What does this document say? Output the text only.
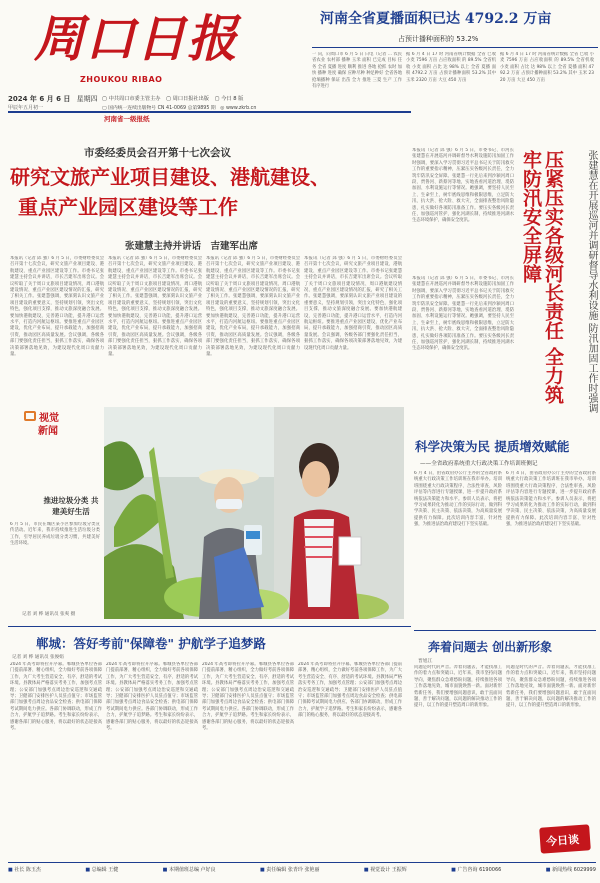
周口日报
ZHOUKOU RIBAO
2024 年 6 月 6 日 星期四
甲辰年五月初一
▢ 中共周口市委主管主办 ▢ 周口日报社出版 ▢ 今日 8 版
▢ 国内统一连续出版物号 CN 41-0069 总第9895 期 ◎ www.zkrb.cn
河南省一级报纸
河南全省夏播面积已达 4792.2 万亩
占预计播种面积的 53.2%
一 向，向周口市 6 月 5 日 日电（记者 ... 农民 省农业 农村部 播种 玉米 面积 已完成 目标 任务 全省 夏播 进度 顺利 推进 各地 抢抓 农时 加快 播种 进度 确保 应种尽种 种足种好 全省各地 抢墒播种 保证 出苗 全力 推进 三夏 生产 工作 有序进行
据 6 月 4 日 17 时 河南省统计数据 全省 已收 小麦 7596 万亩 占应收面积 的 89.5% 全省机收 小麦 面积 占比 达 98% 以上 全省 夏播 面积 4792.2 万亩 占预计播种面积 53.2% 其中 玉米 2320 万亩 大豆 450 万亩
据 6 月 4 日 17 时 河南省统计数据 全省 已收 小麦 7596 万亩 占应收面积 的 89.5% 全省机收 小麦 面积 占比 达 98% 以上 全省 夏播 面积 4792.2 万亩 占预计播种面积 53.2% 其中 玉米 2320 万亩 大豆 450 万亩
市委经委员会召开第十七次会议
研究文旅产业项目建设、港航建设、
重点产业园区建设等工作
张建慧主持并讲话　吉建军出席
本报讯（记者 邱 强）6 月 5 日，市委财经委员会召开第十七次会议，研究文旅产业项目建设、港航建设、重点产业园区建设等工作。市委书记张建慧主持会议并讲话，市长吉建军出席会议。会议听取了关于周口文旅项目建设情况、周口港航建设情况、重点产业园区建设情况的汇报，研究了相关工作。张建慧强调，要深刻认识文旅产业项目建设的重要意义，坚持规划引领，突出文化特色，强化项目支撑，推动文旅深度融合发展。要加快港航建设，完善港口功能，提升港口运营水平，打造内河航运枢纽。要推进重点产业园区建设，优化产业布局，提升承载能力，加强招商引资，推动园区高质量发展。会议强调，各级各部门要强化责任担当，狠抓工作落实，确保各项决策部署落地见效，为建设现代化周口贡献力量。
本报讯（记者 邱 强）6 月 5 日，市委财经委员会召开第十七次会议，研究文旅产业项目建设、港航建设、重点产业园区建设等工作。市委书记张建慧主持会议并讲话，市长吉建军出席会议。会议听取了关于周口文旅项目建设情况、周口港航建设情况、重点产业园区建设情况的汇报，研究了相关工作。张建慧强调，要深刻认识文旅产业项目建设的重要意义，坚持规划引领，突出文化特色，强化项目支撑，推动文旅深度融合发展。要加快港航建设，完善港口功能，提升港口运营水平，打造内河航运枢纽。要推进重点产业园区建设，优化产业布局，提升承载能力，加强招商引资，推动园区高质量发展。会议强调，各级各部门要强化责任担当，狠抓工作落实，确保各项决策部署落地见效，为建设现代化周口贡献力量。
本报讯（记者 邱 强）6 月 5 日，市委财经委员会召开第十七次会议，研究文旅产业项目建设、港航建设、重点产业园区建设等工作。市委书记张建慧主持会议并讲话，市长吉建军出席会议。会议听取了关于周口文旅项目建设情况、周口港航建设情况、重点产业园区建设情况的汇报，研究了相关工作。张建慧强调，要深刻认识文旅产业项目建设的重要意义，坚持规划引领，突出文化特色，强化项目支撑，推动文旅深度融合发展。要加快港航建设，完善港口功能，提升港口运营水平，打造内河航运枢纽。要推进重点产业园区建设，优化产业布局，提升承载能力，加强招商引资，推动园区高质量发展。会议强调，各级各部门要强化责任担当，狠抓工作落实，确保各项决策部署落地见效，为建设现代化周口贡献力量。
本报讯（记者 邱 强）6 月 5 日，市委财经委员会召开第十七次会议，研究文旅产业项目建设、港航建设、重点产业园区建设等工作。市委书记张建慧主持会议并讲话，市长吉建军出席会议。会议听取了关于周口文旅项目建设情况、周口港航建设情况、重点产业园区建设情况的汇报，研究了相关工作。张建慧强调，要深刻认识文旅产业项目建设的重要意义，坚持规划引领，突出文化特色，强化项目支撑，推动文旅深度融合发展。要加快港航建设，完善港口功能，提升港口运营水平，打造内河航运枢纽。要推进重点产业园区建设，优化产业布局，提升承载能力，加强招商引资，推动园区高质量发展。会议强调，各级各部门要强化责任担当，狠抓工作落实，确保各项决策部署落地见效，为建设现代化周口贡献力量。
本报讯（记者 邱 强）6 月 5 日，市委书记、市河长 张建慧在开展巡河并调研督导水利设施防汛加固工作时强调，要深入学习贯彻习近平总书记关于防汛救灾工作的重要指示精神，压紧压实各级河长责任，全力筑牢防汛安全屏障。张建慧一行先后来到沙颍河周口段、贾鲁河、新蔡河等地，实地查看河道治理、堤防加固、水利设施运行等情况。她强调，要坚持人民至上、生命至上，树牢底线思维和极限思维，立足防大汛、抗大洪、抢大险、救大灾，全面排查整治风险隐患，扎实做好各项防汛准备工作。要压实各级河长责任，加强巡河管护，强化河湖长制，持续推进河湖水生态环境保护，确保安全度汛。	压紧压实各级河长责任 全力筑牢防汛安全屏障	张建慧在开展巡河并调研督导水利设施 防汛加固工作时强调
本报讯（记者 邱 强）6 月 5 日，市委书记、市河长 张建慧在开展巡河并调研督导水利设施防汛加固工作时强调，要深入学习贯彻习近平总书记关于防汛救灾工作的重要指示精神，压紧压实各级河长责任，全力筑牢防汛安全屏障。张建慧一行先后来到沙颍河周口段、贾鲁河、新蔡河等地，实地查看河道治理、堤防加固、水利设施运行等情况。她强调，要坚持人民至上、生命至上，树牢底线思维和极限思维，立足防大汛、抗大洪、抢大险、救大灾，全面排查整治风险隐患，扎实做好各项防汛准备工作。要压实各级河长责任，加强巡河管护，强化河湖长制，持续推进河湖水生态环境保护，确保安全度汛。
视觉
新闻
推进垃圾分类 共建美好生活
6 月 5 日，市民在城区某小区参加垃圾分类宣传活动。近年来，我市持续推进生活垃圾分类工作，引导居民养成垃圾分类习惯，共建美好生活环境。
记者 刘 桦 通讯员 张爽 摄
科学决策为民 提质增效赋能
——全省政府系统重大行政决策工作培训班侧记
6 月 4 日，由省政府办公厅主办的全省政府系统重大行政决策工作培训班在我市举办。培训班围绕重大行政决策程序、合法性审查、风险评估等内容进行专题授课，进一步提升政府系统依法决策能力和水平。参训人员表示，将把学习成果转化为推动工作的实际行动，做到科学决策、民主决策、依法决策，为高质量发展提供有力保障。此次培训内容丰富、针对性强，为推进法治政府建设打下坚实基础。
6 月 4 日，由省政府办公厅主办的全省政府系统重大行政决策工作培训班在我市举办。培训班围绕重大行政决策程序、合法性审查、风险评估等内容进行专题授课，进一步提升政府系统依法决策能力和水平。参训人员表示，将把学习成果转化为推动工作的实际行动，做到科学决策、民主决策、依法决策，为高质量发展提供有力保障。此次培训内容丰富、针对性强，为推进法治政府建设打下坚实基础。
郸城：答好考前"保障卷" 护航学子追梦路
记者 刘 桦 通讯员 张俊娟
2024 年高考即将拉开序幕。郸城县各单位各部门提前部署、精心组织，全力做好考前各项保障工作，为广大考生营造安全、有序、舒适的考试环境。县教体局严格落实考务工作，加强考点管理；公安部门加强考点周边治安巡逻和交通疏导；卫健部门安排医护人员驻点值守；市场监管部门加强考点周边食品安全检查；供电部门保障考试期间电力供应。各部门协调联动，形成工作合力，护航学子追梦路。考生和家长纷纷表示，感谢各部门的贴心服务，将以最好的状态迎接高考。
2024 年高考即将拉开序幕。郸城县各单位各部门提前部署、精心组织，全力做好考前各项保障工作，为广大考生营造安全、有序、舒适的考试环境。县教体局严格落实考务工作，加强考点管理；公安部门加强考点周边治安巡逻和交通疏导；卫健部门安排医护人员驻点值守；市场监管部门加强考点周边食品安全检查；供电部门保障考试期间电力供应。各部门协调联动，形成工作合力，护航学子追梦路。考生和家长纷纷表示，感谢各部门的贴心服务，将以最好的状态迎接高考。
2024 年高考即将拉开序幕。郸城县各单位各部门提前部署、精心组织，全力做好考前各项保障工作，为广大考生营造安全、有序、舒适的考试环境。县教体局严格落实考务工作，加强考点管理；公安部门加强考点周边治安巡逻和交通疏导；卫健部门安排医护人员驻点值守；市场监管部门加强考点周边食品安全检查；供电部门保障考试期间电力供应。各部门协调联动，形成工作合力，护航学子追梦路。考生和家长纷纷表示，感谢各部门的贴心服务，将以最好的状态迎接高考。
2024 年高考即将拉开序幕。郸城县各单位各部门提前部署、精心组织，全力做好考前各项保障工作，为广大考生营造安全、有序、舒适的考试环境。县教体局严格落实考务工作，加强考点管理；公安部门加强考点周边治安巡逻和交通疏导；卫健部门安排医护人员驻点值守；市场监管部门加强考点周边食品安全检查；供电部门保障考试期间电力供应。各部门协调联动，形成工作合力，护航学子追梦路。考生和家长纷纷表示，感谢各部门的贴心服务，将以最好的状态迎接高考。
奔着问题去 创出新形象
晋旭江
问题是时代的声音。奔着问题去，才能找准工作的着力点和突破口。近年来，我市坚持问题导向，聚焦群众急难愁盼问题，持续推进各项工作落地见效，城市面貌焕然一新。面对新形势新任务，我们要增强问题意识，敢于直面问题、善于解决问题，以问题的解决推动工作的提升，以工作的提升塑造周口的新形象。
问题是时代的声音。奔着问题去，才能找准工作的着力点和突破口。近年来，我市坚持问题导向，聚焦群众急难愁盼问题，持续推进各项工作落地见效，城市面貌焕然一新。面对新形势新任务，我们要增强问题意识，敢于直面问题、善于解决问题，以问题的解决推动工作的提升，以工作的提升塑造周口的新形象。
今日谈
■ 社长 陈玉杰	■ 总编辑 王健	■ 本期值班总编 卢好良	■ 责任编辑 张青玲 张艳丽	■ 视觉设计 王振辉	■ 广告咨询 6190066	■ 新闻热线 6029999
